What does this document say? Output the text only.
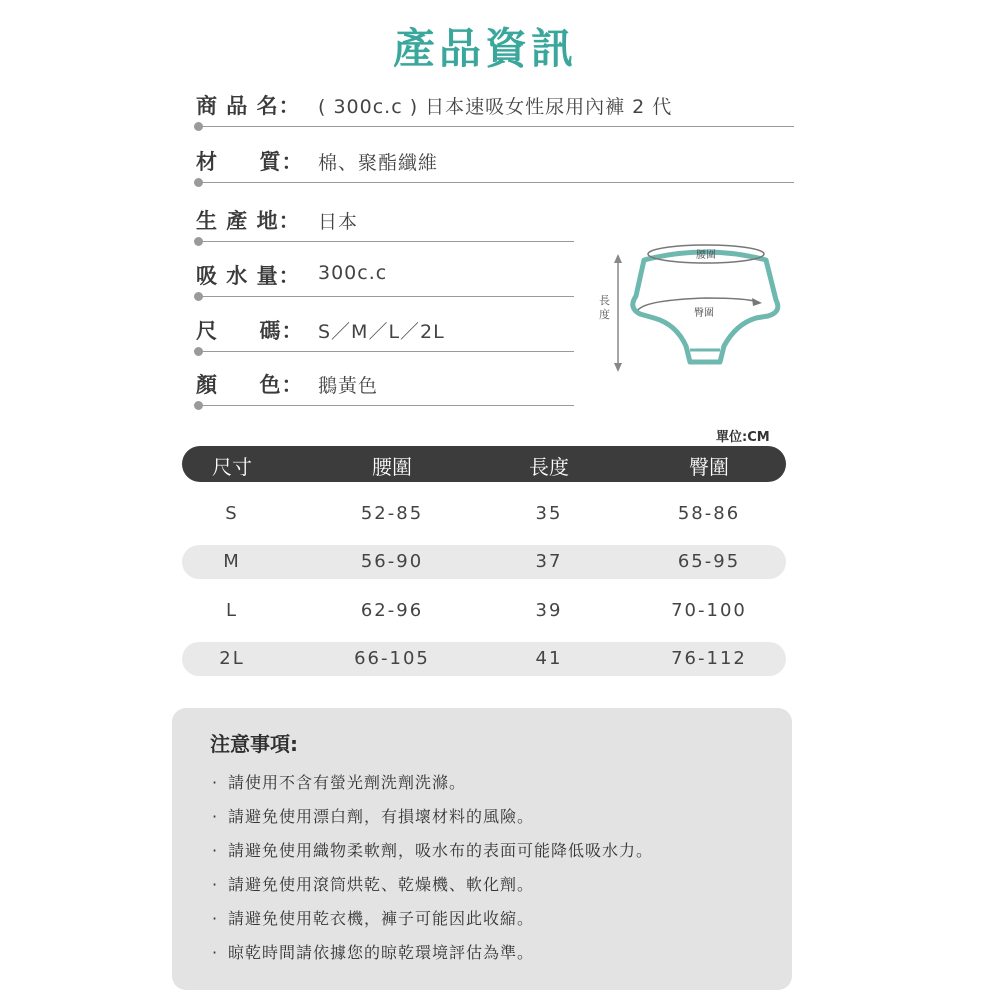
產品資訊
商 品 名： ( 300c.c ) 日本速吸女性尿用內褲 2 代
材     質： 棉、聚酯纖維
生 產 地： 日本
吸 水 量： 300c.c
尺     碼： S／M／L／2L
顏     色： 鵝黃色
長
度
腰圍
臀圍
單位:CM
尺寸	腰圍	長度	臀圍
S	52-85	35	58-86
M	56-90	37	65-95
L	62-96	39	70-100
2L	66-105	41	76-112
注意事項:
· 請使用不含有螢光劑洗劑洗滌。
· 請避免使用漂白劑，有損壞材料的風險。
· 請避免使用織物柔軟劑，吸水布的表面可能降低吸水力。
· 請避免使用滾筒烘乾、乾燥機、軟化劑。
· 請避免使用乾衣機，褲子可能因此收縮。
· 晾乾時間請依據您的晾乾環境評估為準。
